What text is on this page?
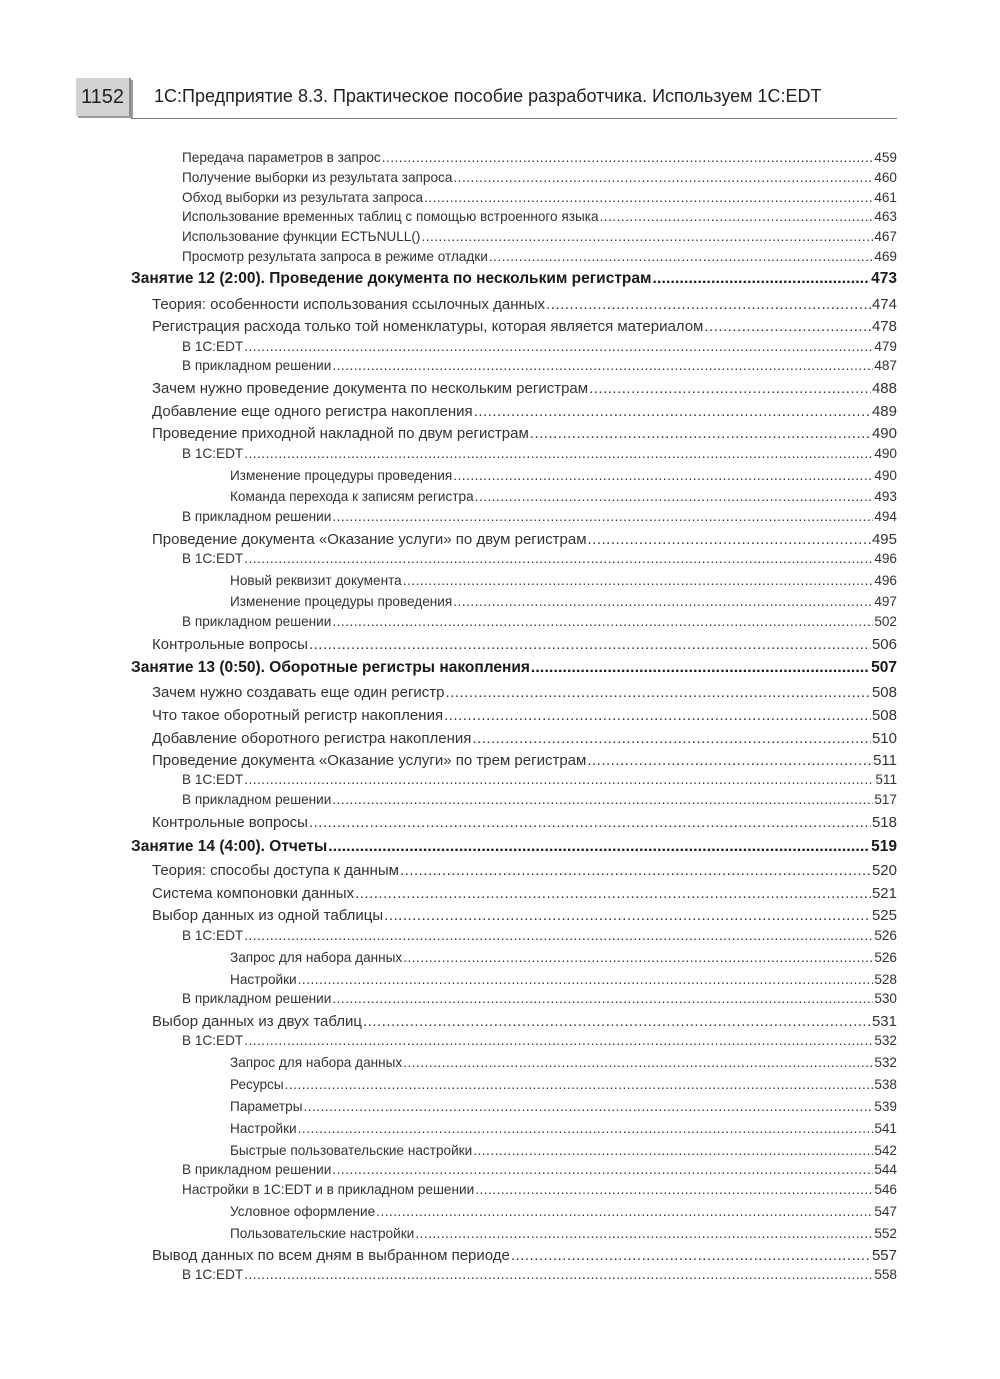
1152	1С:Предприятие 8.3. Практическое пособие разработчика. Используем 1С:EDT
Передача параметров в запрос .....	459
Получение выборки из результата запроса .....	460
Обход выборки из результата запроса .....	461
Использование временных таблиц с помощью встроенного языка .....	463
Использование функции ЕСТЬNULL() .....	467
Просмотр результата запроса в режиме отладки .....	469
Занятие 12 (2:00). Проведение документа по нескольким регистрам .....	473
Теория: особенности использования ссылочных данных .....	474
Регистрация расхода только той номенклатуры, которая является материалом .....	478
В 1С:EDT .....	479
В прикладном решении .....	487
Зачем нужно проведение документа по нескольким регистрам .....	488
Добавление еще одного регистра накопления .....	489
Проведение приходной накладной по двум регистрам .....	490
В 1С:EDT .....	490
Изменение процедуры проведения .....	490
Команда перехода к записям регистра .....	493
В прикладном решении .....	494
Проведение документа «Оказание услуги» по двум регистрам .....	495
В 1С:EDT .....	496
Новый реквизит документа .....	496
Изменение процедуры проведения .....	497
В прикладном решении .....	502
Контрольные вопросы .....	506
Занятие 13 (0:50). Оборотные регистры накопления .....	507
Зачем нужно создавать еще один регистр .....	508
Что такое оборотный регистр накопления .....	508
Добавление оборотного регистра накопления .....	510
Проведение документа «Оказание услуги» по трем регистрам .....	511
В 1С:EDT .....	511
В прикладном решении .....	517
Контрольные вопросы .....	518
Занятие 14 (4:00). Отчеты .....	519
Теория: способы доступа к данным .....	520
Система компоновки данных .....	521
Выбор данных из одной таблицы .....	525
В 1С:EDT .....	526
Запрос для набора данных .....	526
Настройки .....	528
В прикладном решении .....	530
Выбор данных из двух таблиц .....	531
В 1С:EDT .....	532
Запрос для набора данных .....	532
Ресурсы .....	538
Параметры .....	539
Настройки .....	541
Быстрые пользовательские настройки .....	542
В прикладном решении .....	544
Настройки в 1С:EDT и в прикладном решении .....	546
Условное оформление .....	547
Пользовательские настройки .....	552
Вывод данных по всем дням в выбранном периоде .....	557
В 1С:EDT .....	558
